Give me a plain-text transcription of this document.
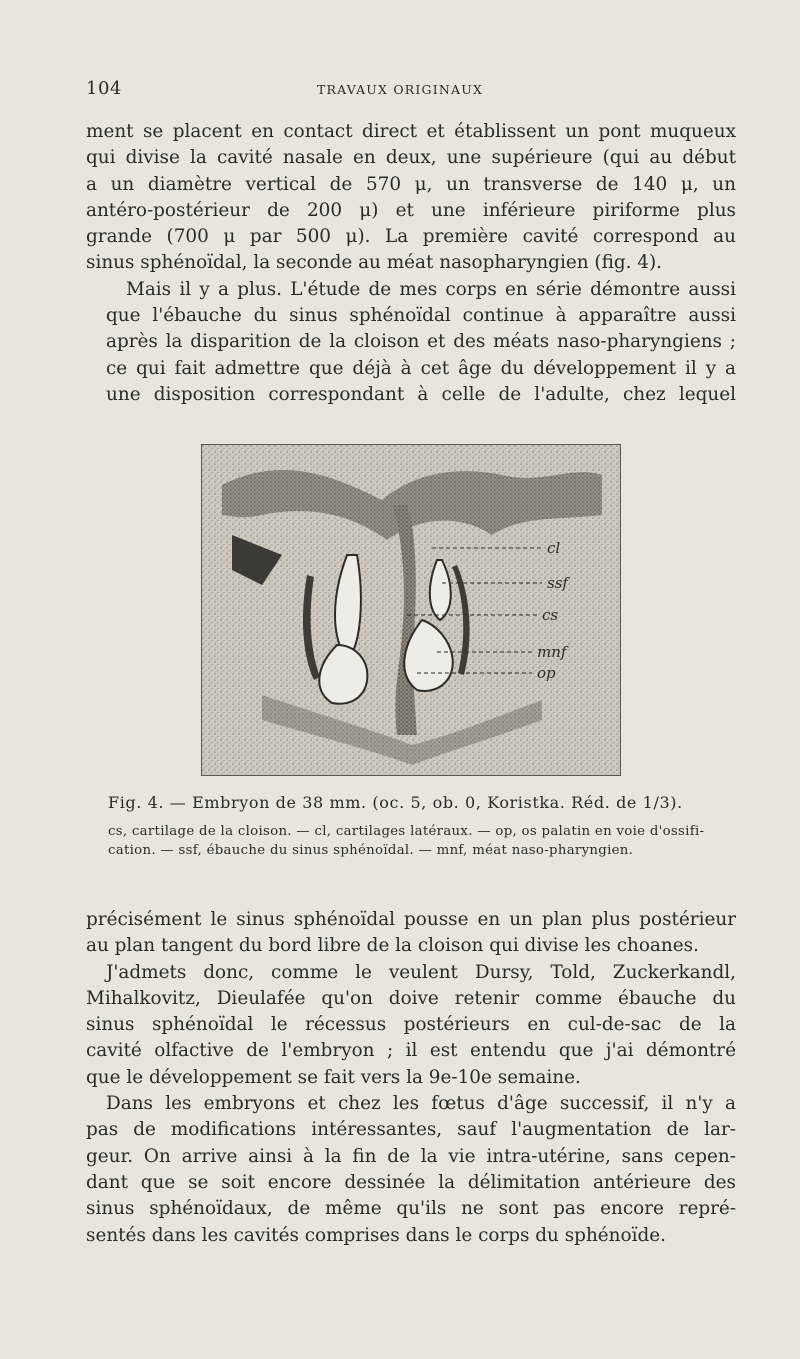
104	TRAVAUX ORIGINAUX

ment se placent en contact direct et établissent un pont muqueux
qui divise la cavité nasale en deux, une supérieure (qui au début
a un diamètre vertical de 570 μ, un transverse de 140 μ, un
antéro-postérieur de 200 μ) et une inférieure piriforme plus
grande (700 μ par 500 μ). La première cavité correspond au
sinus sphénoïdal, la seconde au méat nasopharyngien (fig. 4).

Mais il y a plus. L'étude de mes corps en série démontre aussi
que l'ébauche du sinus sphénoïdal continue à apparaître aussi
après la disparition de la cloison et des méats naso-pharyngiens ;
ce qui fait admettre que déjà à cet âge du développement il y a
une disposition correspondant à celle de l'adulte, chez lequel

cl
ssf
cs
mnf
op
Fig. 4. — Embryon de 38 mm. (oc. 5, ob. 0, Koristka. Réd. de 1/3).
cs, cartilage de la cloison. — cl, cartilages latéraux. — op, os palatin en voie d'ossifi-
cation. — ssf, ébauche du sinus sphénoïdal. — mnf, méat naso-pharyngien.

précisément le sinus sphénoïdal pousse en un plan plus postérieur
au plan tangent du bord libre de la cloison qui divise les choanes.

J'admets donc, comme le veulent Dursy, Told, Zuckerkandl,
Mihalkovitz, Dieulafée qu'on doive retenir comme ébauche du
sinus sphénoïdal le récessus postérieurs en cul-de-sac de la
cavité olfactive de l'embryon ; il est entendu que j'ai démontré
que le développement se fait vers la 9e-10e semaine.

Dans les embryons et chez les fœtus d'âge successif, il n'y a
pas de modifications intéressantes, sauf l'augmentation de lar-
geur. On arrive ainsi à la fin de la vie intra-utérine, sans cepen-
dant que se soit encore dessinée la délimitation antérieure des
sinus sphénoïdaux, de même qu'ils ne sont pas encore repré-
sentés dans les cavités comprises dans le corps du sphénoïde.
